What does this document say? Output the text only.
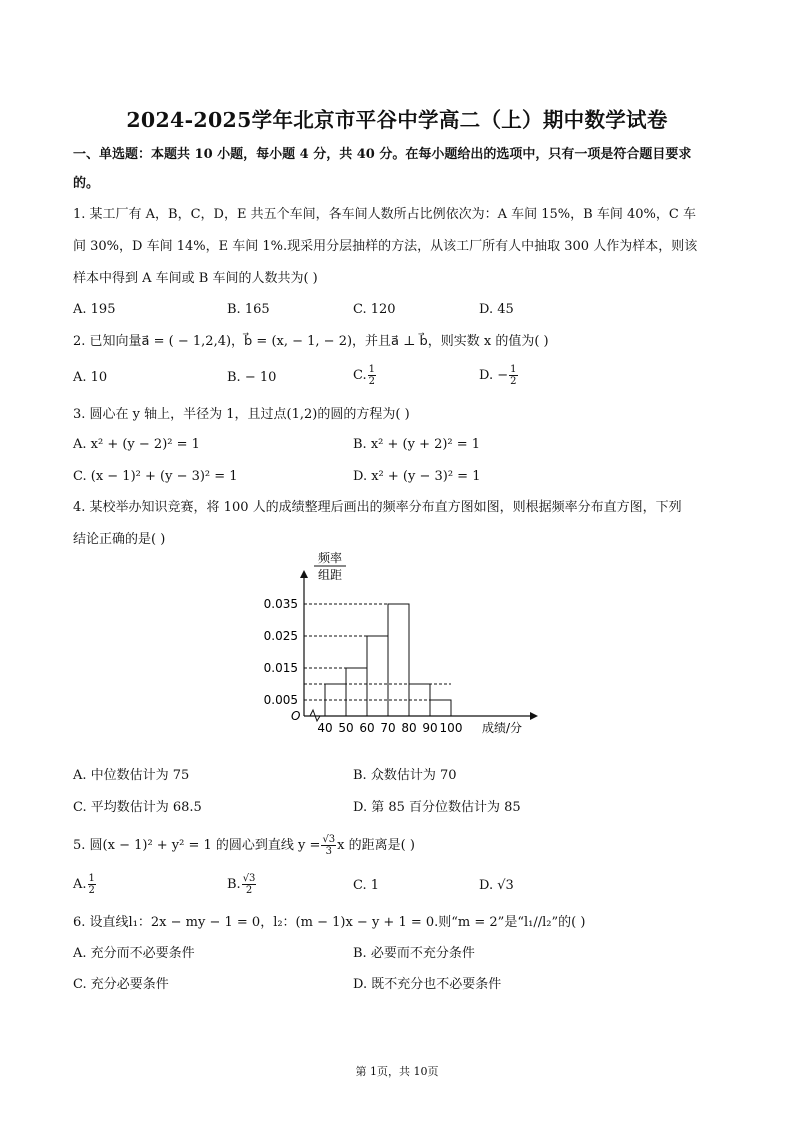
2024-2025学年北京市平谷中学高二（上）期中数学试卷
一、单选题：本题共 10 小题，每小题 4 分，共 40 分。在每小题给出的选项中，只有一项是符合题目要求
的。
1. 某工厂有 A，B，C，D，E 共五个车间，各车间人数所占比例依次为：A 车间 15%，B 车间 40%，C 车
间 30%，D 车间 14%，E 车间 1%.现采用分层抽样的方法，从该工厂所有人中抽取 300 人作为样本，则该
样本中得到 A 车间或 B 车间的人数共为( )
A. 195	B. 165	C. 120	D. 45
2. 已知向量a⃗ = ( − 1,2,4)，b⃗ = (x, − 1, − 2)，并且a⃗ ⊥ b⃗，则实数 x 的值为( )
A. 10	B. − 10	C. $\frac{1}{2}$	D. − $\frac{1}{2}$
3. 圆心在 y 轴上，半径为 1，且过点(1,2)的圆的方程为( )
A. x² + (y − 2)² = 1	B. x² + (y + 2)² = 1
C. (x − 1)² + (y − 3)² = 1	D. x² + (y − 3)² = 1
4. 某校举办知识竞赛，将 100 人的成绩整理后画出的频率分布直方图如图，则根据频率分布直方图，下列
结论正确的是( )
频率
组距
O
0.035
0.025
0.015
0.005
40 50 60 70 80 90 100 成绩/分
A. 中位数估计为 75	B. 众数估计为 70
C. 平均数估计为 68.5	D. 第 85 百分位数估计为 85
5. 圆(x − 1)² + y² = 1 的圆心到直线 $y = \frac{√3}{3}$ x 的距离是( )
A. $\frac{1}{2}$	B. $\frac{√3}{2}$	C. 1	D. √3
6. 设直线l₁：2x − my − 1 = 0，l₂：(m − 1)x − y + 1 = 0.则“m = 2”是“l₁//l₂”的( )
A. 充分而不必要条件	B. 必要而不充分条件
C. 充分必要条件	D. 既不充分也不必要条件
第 1页，共 10页
